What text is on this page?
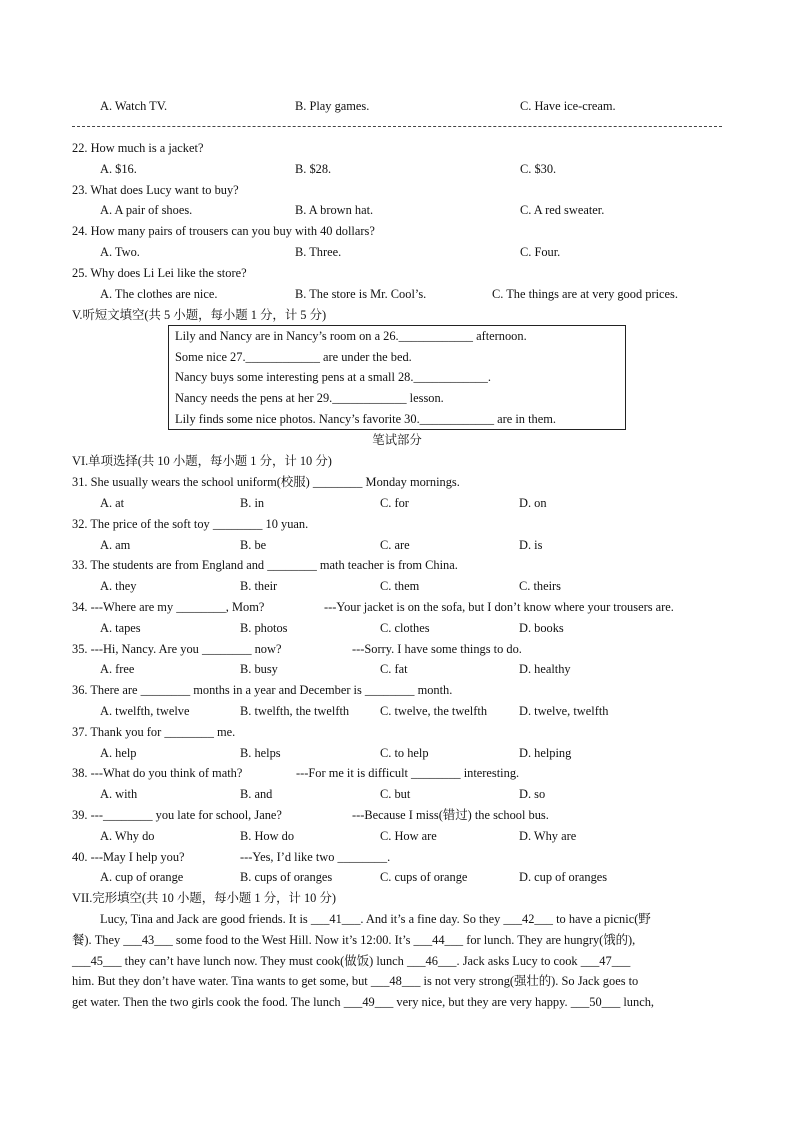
A. Watch TV.	B. Play games.	C. Have ice-cream.
22. How much is a jacket?
A. $16.	B. $28.	C. $30.
23. What does Lucy want to buy?
A. A pair of shoes.	B. A brown hat.	C. A red sweater.
24. How many pairs of trousers can you buy with 40 dollars?
A. Two.	B. Three.	C. Four.
25. Why does Li Lei like the store?
A. The clothes are nice.	B. The store is Mr. Cool’s.	C. The things are at very good prices.
V.听短文填空(共 5 小题，每小题 1 分，计 5 分)
Lily and Nancy are in Nancy’s room on a 26.____________ afternoon.
Some nice 27.____________ are under the bed.
Nancy buys some interesting pens at a small 28.____________.
Nancy needs the pens at her 29.____________ lesson.
Lily finds some nice photos. Nancy’s favorite 30.____________ are in them.
笔试部分
VI.单项选择(共 10 小题，每小题 1 分，计 10 分)
31. She usually wears the school uniform(校服) ________ Monday mornings.
A. at	B. in	C. for	D. on
32. The price of the soft toy ________ 10 yuan.
A. am	B. be	C. are	D. is
33. The students are from England and ________ math teacher is from China.
A. they	B. their	C. them	C. theirs
34. ---Where are my ________, Mom?	---Your jacket is on the sofa, but I don’t know where your trousers are.
A. tapes	B. photos	C. clothes	D. books
35. ---Hi, Nancy. Are you ________ now?	---Sorry. I have some things to do.
A. free	B. busy	C. fat	D. healthy
36. There are ________ months in a year and December is ________ month.
A. twelfth, twelve	B. twelfth, the twelfth C. twelve, the twelfth	D. twelve, twelfth
37. Thank you for ________ me.
A. help	B. helps	C. to help	D. helping
38. ---What do you think of math?	---For me it is difficult ________ interesting.
A. with	B. and	C. but	D. so
39. ---________ you late for school, Jane?	---Because I miss(错过) the school bus.
A. Why do	B. How do	C. How are	D. Why are
40. ---May I help you?	---Yes, I’d like two ________.
A. cup of orange	B. cups of oranges	C. cups of orange	D. cup of oranges
VII.完形填空(共 10 小题，每小题 1 分，计 10 分)
Lucy, Tina and Jack are good friends. It is ___41___. And it’s a fine day. So they ___42___ to have a picnic(野
餐). They ___43___ some food to the West Hill. Now it’s 12:00. It’s ___44___ for lunch. They are hungry(饿的),
___45___ they can’t have lunch now. They must cook(做饭) lunch ___46___. Jack asks Lucy to cook ___47___
him. But they don’t have water. Tina wants to get some, but ___48___ is not very strong(强壮的). So Jack goes to
get water. Then the two girls cook the food. The lunch ___49___ very nice, but they are very happy. ___50___ lunch,
